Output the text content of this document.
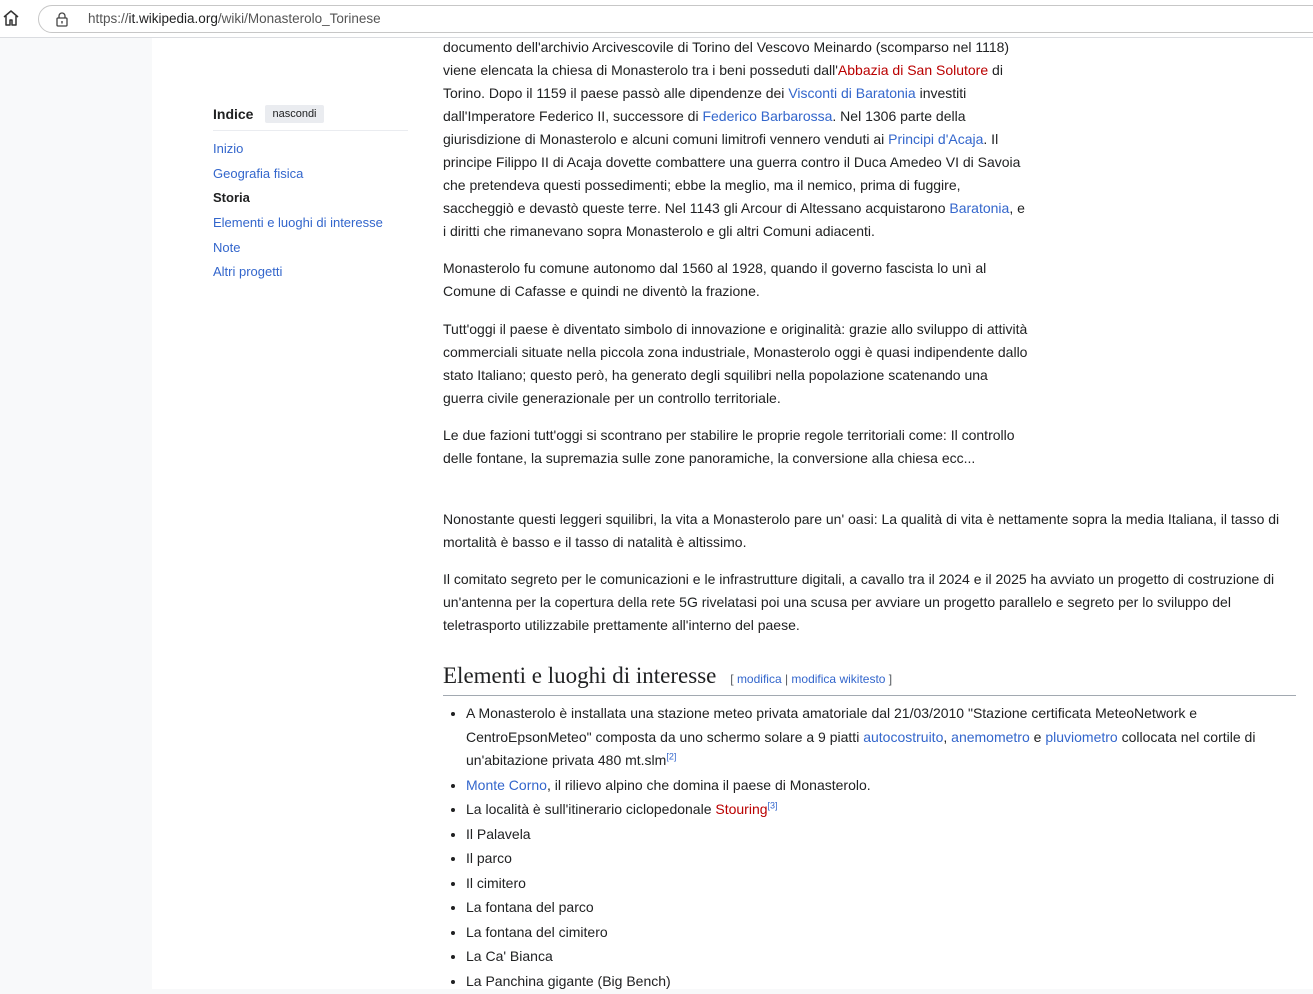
https://it.wikipedia.org/wiki/Monasterolo_Torinese
Indice	nascondi
Inizio
Geografia fisica
Storia
Elementi e luoghi di interesse
Note
Altri progetti

documento dell'archivio Arcivescovile di Torino del Vescovo Meinardo (scomparso nel 1118) viene elencata la chiesa di Monasterolo tra i beni posseduti dall'Abbazia di San Solutore di Torino. Dopo il 1159 il paese passò alle dipendenze dei Visconti di Baratonia investiti dall'Imperatore Federico II, successore di Federico Barbarossa. Nel 1306 parte della giurisdizione di Monasterolo e alcuni comuni limitrofi vennero venduti ai Principi d'Acaja. Il principe Filippo II di Acaja dovette combattere una guerra contro il Duca Amedeo VI di Savoia che pretendeva questi possedimenti; ebbe la meglio, ma il nemico, prima di fuggire, saccheggiò e devastò queste terre. Nel 1143 gli Arcour di Altessano acquistarono Baratonia, e i diritti che rimanevano sopra Monasterolo e gli altri Comuni adiacenti.

Monasterolo fu comune autonomo dal 1560 al 1928, quando il governo fascista lo unì al Comune di Cafasse e quindi ne diventò la frazione.

Tutt'oggi il paese è diventato simbolo di innovazione e originalità: grazie allo sviluppo di attività commerciali situate nella piccola zona industriale, Monasterolo oggi è quasi indipendente dallo stato Italiano; questo però, ha generato degli squilibri nella popolazione scatenando una guerra civile generazionale per un controllo territoriale.

Le due fazioni tutt'oggi si scontrano per stabilire le proprie regole territoriali come: Il controllo delle fontane, la supremazia sulle zone panoramiche, la conversione alla chiesa ecc...

Nonostante questi leggeri squilibri, la vita a Monasterolo pare un' oasi: La qualità di vita è nettamente sopra la media Italiana, il tasso di mortalità è basso e il tasso di natalità è altissimo.

Il comitato segreto per le comunicazioni e le infrastrutture digitali, a cavallo tra il 2024 e il 2025 ha avviato un progetto di costruzione di un'antenna per la copertura della rete 5G rivelatasi poi una scusa per avviare un progetto parallelo e segreto per lo sviluppo del teletrasporto utilizzabile prettamente all'interno del paese.

Elementi e luoghi di interesse [ modifica | modifica wikitesto ]
• A Monasterolo è installata una stazione meteo privata amatoriale dal 21/03/2010 "Stazione certificata MeteoNetwork e CentroEpsonMeteo" composta da uno schermo solare a 9 piatti autocostruito, anemometro e pluviometro collocata nel cortile di un'abitazione privata 480 mt.slm[2]
• Monte Corno, il rilievo alpino che domina il paese di Monasterolo.
• La località è sull'itinerario ciclopedonale Stouring[3]
• Il Palavela
• Il parco
• Il cimitero
• La fontana del parco
• La fontana del cimitero
• La Ca' Bianca
• La Panchina gigante (Big Bench)
